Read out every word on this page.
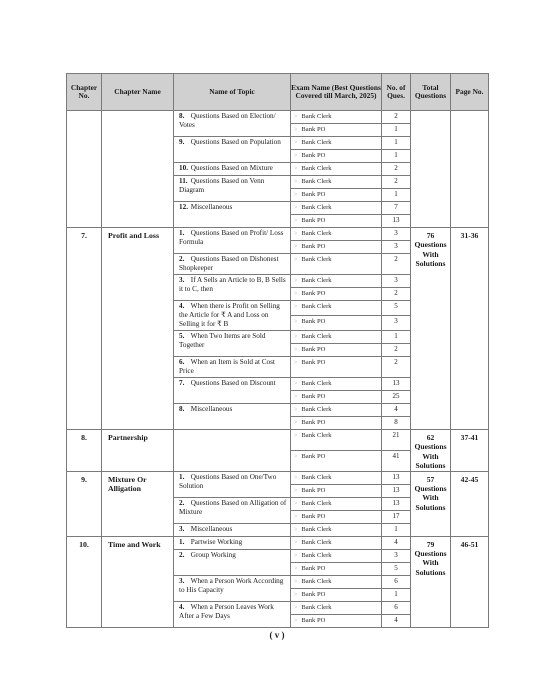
Chapter No.	Chapter Name	Name of Topic	Exam Name (Best Questions Covered till March, 2025)	No. of Ques.	Total Questions	Page No.
		8. Questions Based on Election/ Votes	> Bank Clerk	2		
			> Bank PO	1		
		9. Questions Based on Population	> Bank Clerk	1		
			> Bank PO	1		
		10. Questions Based on Mixture	> Bank Clerk	2		
		11. Questions Based on Venn Diagram	> Bank Clerk	2		
			> Bank PO	1		
		12. Miscellaneous	> Bank Clerk	7		
			> Bank PO	13		
7.	Profit and Loss	1. Questions Based on Profit/ Loss Formula	> Bank Clerk	3	76 Questions With Solutions	31-36
			> Bank PO	3		
		2. Questions Based on Dishonest Shopkeeper	> Bank Clerk	2		
		3. If A Sells an Article to B, B Sells it to C, then	> Bank Clerk	3		
			> Bank PO	2		
		4. When there is Profit on Selling the Article for ₹ A and Loss on Selling it for ₹ B	> Bank Clerk	5		
			> Bank PO	3		
		5. When Two Items are Sold Together	> Bank Clerk	1		
			> Bank PO	2		
		6. When an Item is Sold at Cost Price	> Bank PO	2		
		7. Questions Based on Discount	> Bank Clerk	13		
			> Bank PO	25		
		8. Miscellaneous	> Bank Clerk	4		
			> Bank PO	8		
8.	Partnership		> Bank Clerk	21	62 Questions With Solutions	37-41
			> Bank PO	41		
9.	Mixture Or Alligation	1. Questions Based on One/Two Solution	> Bank Clerk	13	57 Questions With Solutions	42-45
			> Bank PO	13		
		2. Questions Based on Alligation of Mixture	> Bank Clerk	13		
			> Bank PO	17		
		3. Miscellaneous	> Bank Clerk	1		
10.	Time and Work	1. Partwise Working	> Bank Clerk	4	79 Questions With Solutions	46-51
		2. Group Working	> Bank Clerk	3		
			> Bank PO	5		
		3. When a Person Work According to His Capacity	> Bank Clerk	6		
			> Bank PO	1		
		4. When a Person Leaves Work After a Few Days	> Bank Clerk	6		
			> Bank PO	4		
( v )
